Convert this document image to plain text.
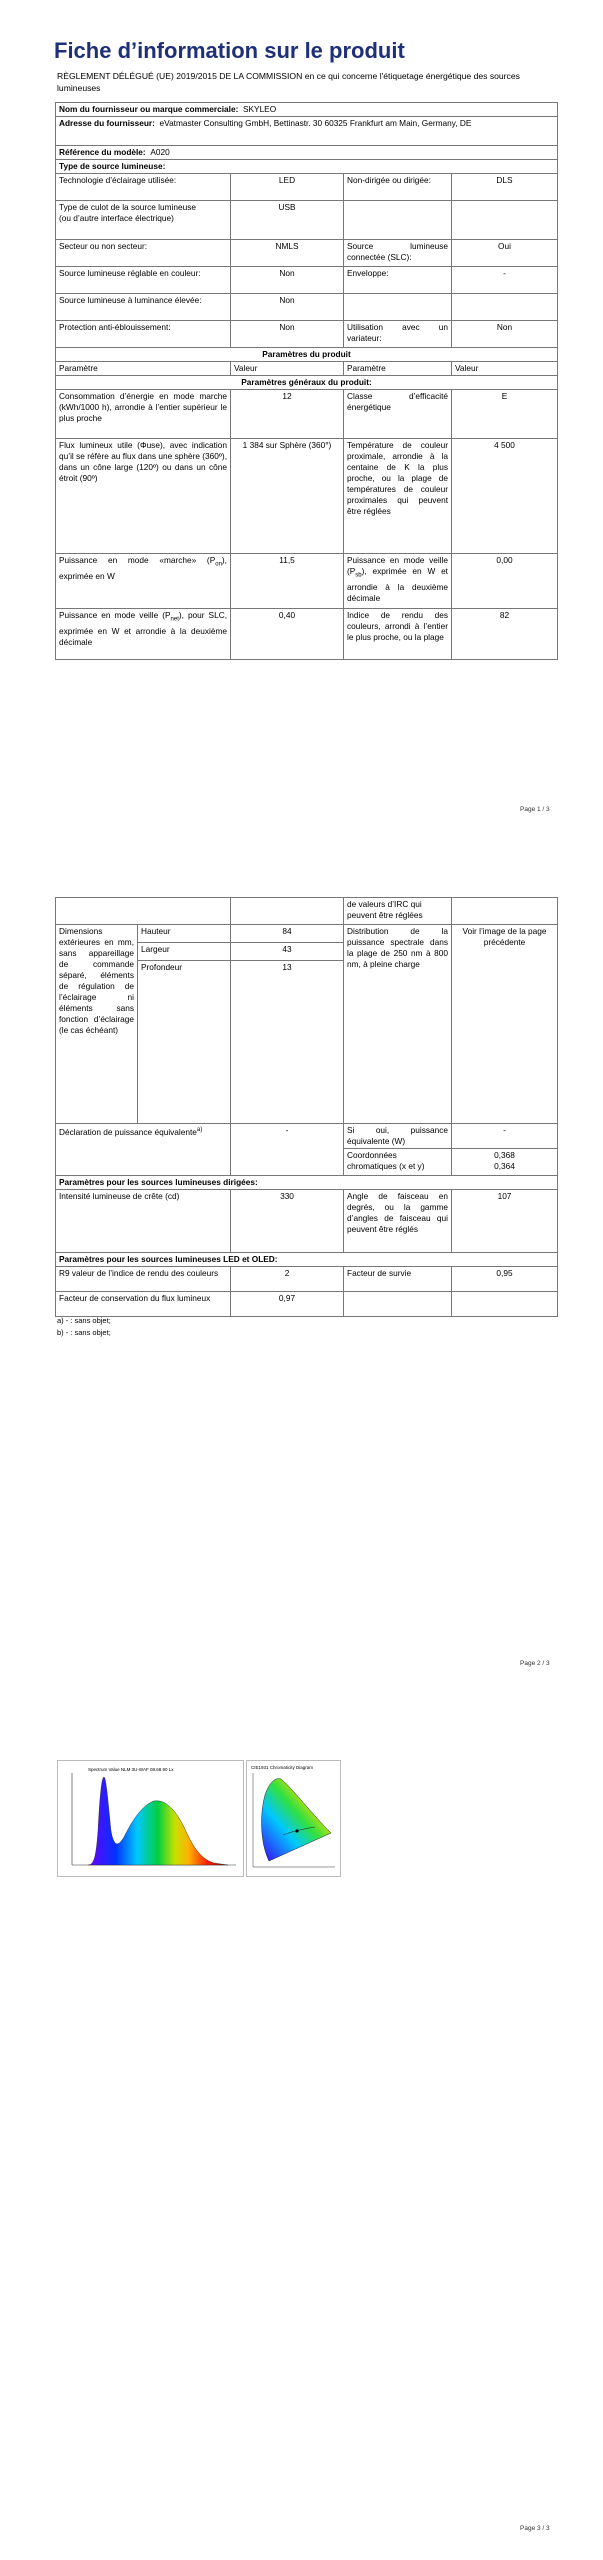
Fiche d’information sur le produit
RÈGLEMENT DÉLÉGUÉ (UE) 2019/2015 DE LA COMMISSION en ce qui concerne l'étiquetage énergétique des sources lumineuses
Nom du fournisseur ou marque commerciale: SKYLEO			
Adresse du fournisseur: eVatmaster Consulting GmbH, Bettinastr. 30 60325 Frankfurt am Main, Germany, DE			
Référence du modèle: A020			
Type de source lumineuse:			
Technologie d’éclairage utilisée:	LED	Non-dirigée ou dirigée:	DLS

Type de culot de la source lumineuse
(ou d’autre interface électrique)	USB		
Secteur ou non secteur:	NMLS	Source lumineuse connectée (SLC):	Oui
Source lumineuse réglable en couleur:	Non	Enveloppe:	-
Source lumineuse à luminance élevée:	Non		
Protection anti-éblouissement:	Non	Utilisation avec un variateur:	Non
Paramètres du produit			
Paramètre	Valeur	Paramètre	Valeur
Paramètres généraux du produit:			
Consommation d’énergie en mode marche (kWh/1000 h), arrondie à l’entier supérieur le plus proche	12	Classe d’efficacité énergétique	E
Flux lumineux utile (Φuse), avec indication qu’il se réfère au flux dans une sphère (360º), dans un cône large (120º) ou dans un cône étroit (90º)	1 384 sur Sphère (360°)	Température de couleur proximale, arrondie à la centaine de K la plus proche, ou la plage de températures de couleur proximales qui peuvent être réglées	4 500
Puissance en mode «marche» $(P_{on})$, exprimée en W	11,5	Puissance en mode veille $(P_{sb})$, exprimée en W et arrondie à la deuxième décimale	0,00
Puissance en mode veille $(P_{net})$, pour SLC, exprimée en W et arrondie à la deuxième décimale	0,40	Indice de rendu des couleurs, arrondi à l’entier le plus proche, ou la plage	82
Page 1 / 3
			de valeurs d’IRC qui peuvent être réglées	
Dimensions extérieures en mm, sans appareillage de commande séparé, éléments de régulation de l’éclairage ni éléments sans fonction d’éclairage (le cas échéant)	Hauteur	84	Distribution de la puissance spectrale dans la plage de 250 nm à 800 nm, à pleine charge	Voir l’image de la page précédente
	Largeur	43		
	Profondeur	13		
Déclaration de puissance équivalente$^{a)}$		-	Si oui, puissance équivalente (W)	-
			Coordonnées chromatiques (x et y)	0,368
0,364

Paramètres pour les sources lumineuses dirigées:				
Intensité lumineuse de crête (cd)		330	Angle de faisceau en degrés, ou la gamme d’angles de faisceau qui peuvent être réglés	107
Paramètres pour les sources lumineuses LED et OLED:				
R9 valeur de l’indice de rendu des couleurs		2	Facteur de survie	0,95
Facteur de conservation du flux lumineux		0,97		
a) - : sans objet;
b) - : sans objet;
Page 2 / 3
Spectrum Value NLM 3U-WAF 08.68.90 Lx	CIE1931 Chromaticity Diagram
Page 3 / 3
